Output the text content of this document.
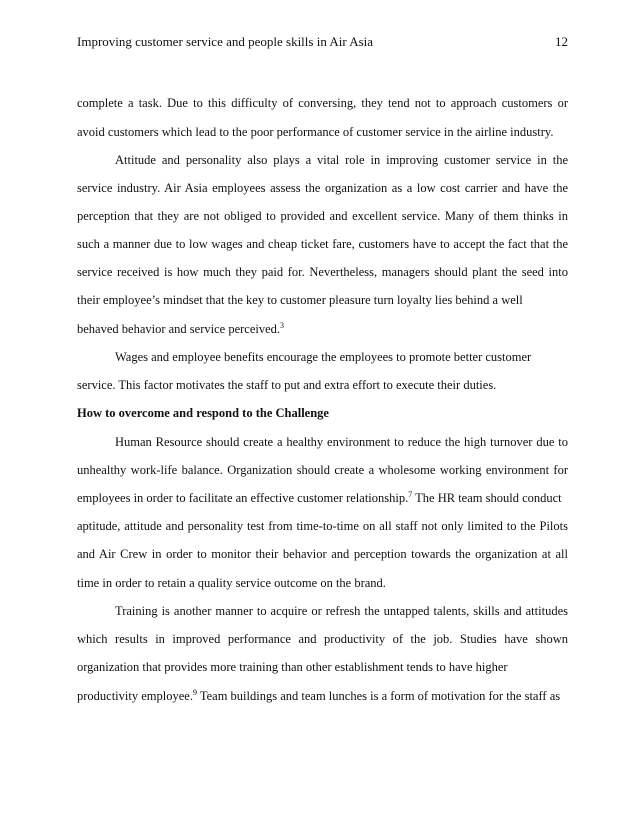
Improving customer service and people skills in Air Asia	12
complete a task. Due to this difficulty of conversing, they tend not to approach customers or
avoid customers which lead to the poor performance of customer service in the airline industry.
Attitude and personality also plays a vital role in improving customer service in the
service industry. Air Asia employees assess the organization as a low cost carrier and have the
perception that they are not obliged to provided and excellent service. Many of them thinks in
such a manner due to low wages and cheap ticket fare, customers have to accept the fact that the
service received is how much they paid for. Nevertheless, managers should plant the seed into
their employee’s mindset that the key to customer pleasure turn loyalty lies behind a well
behaved behavior and service perceived.$^3$
Wages and employee benefits encourage the employees to promote better customer
service. This factor motivates the staff to put and extra effort to execute their duties.
How to overcome and respond to the Challenge
Human Resource should create a healthy environment to reduce the high turnover due to
unhealthy work-life balance. Organization should create a wholesome working environment for
employees in order to facilitate an effective customer relationship.$^7$ The HR team should conduct
aptitude, attitude and personality test from time-to-time on all staff not only limited to the Pilots
and Air Crew in order to monitor their behavior and perception towards the organization at all
time in order to retain a quality service outcome on the brand.
Training is another manner to acquire or refresh the untapped talents, skills and attitudes
which results in improved performance and productivity of the job. Studies have shown
organization that provides more training than other establishment tends to have higher
productivity employee.$^9$ Team buildings and team lunches is a form of motivation for the staff as
